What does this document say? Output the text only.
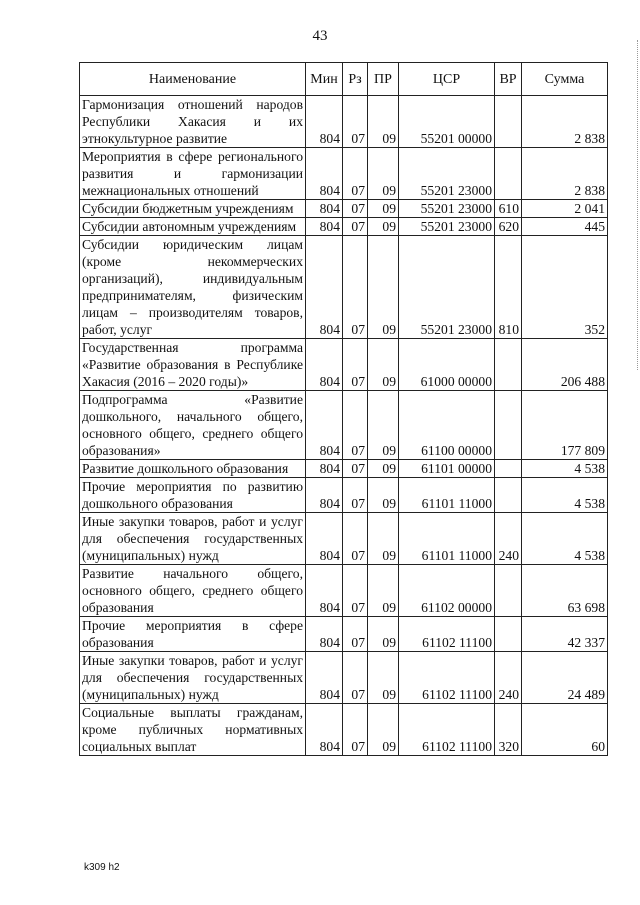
43
Наименование	Мин	Рз	ПР	ЦСР	ВР	Сумма
Гармонизация отношений народов Республики Хакасия и их этнокультурное развитие	804	07	09	55201 00000		2 838
Мероприятия в сфере регионального развития и гармонизации межнациональных отношений	804	07	09	55201 23000		2 838
Субсидии бюджетным учреждениям	804	07	09	55201 23000	610	2 041
Субсидии автономным учреждениям	804	07	09	55201 23000	620	445
Субсидии юридическим лицам (кроме некоммерческих организаций), индивидуальным предпринимателям, физическим лицам – производителям товаров, работ, услуг	804	07	09	55201 23000	810	352
Государственная программа «Развитие образования в Республике Хакасия (2016 – 2020 годы)»	804	07	09	61000 00000		206 488
Подпрограмма «Развитие дошкольного, начального общего, основного общего, среднего общего образования»	804	07	09	61100 00000		177 809
Развитие дошкольного образования	804	07	09	61101 00000		4 538
Прочие мероприятия по развитию дошкольного образования	804	07	09	61101 11000		4 538
Иные закупки товаров, работ и услуг для обеспечения государственных (муниципальных) нужд	804	07	09	61101 11000	240	4 538
Развитие начального общего, основного общего, среднего общего образования	804	07	09	61102 00000		63 698
Прочие мероприятия в сфере образования	804	07	09	61102 11100		42 337
Иные закупки товаров, работ и услуг для обеспечения государственных (муниципальных) нужд	804	07	09	61102 11100	240	24 489
Социальные выплаты гражданам, кроме публичных нормативных социальных выплат	804	07	09	61102 11100	320	60
k309 h2
